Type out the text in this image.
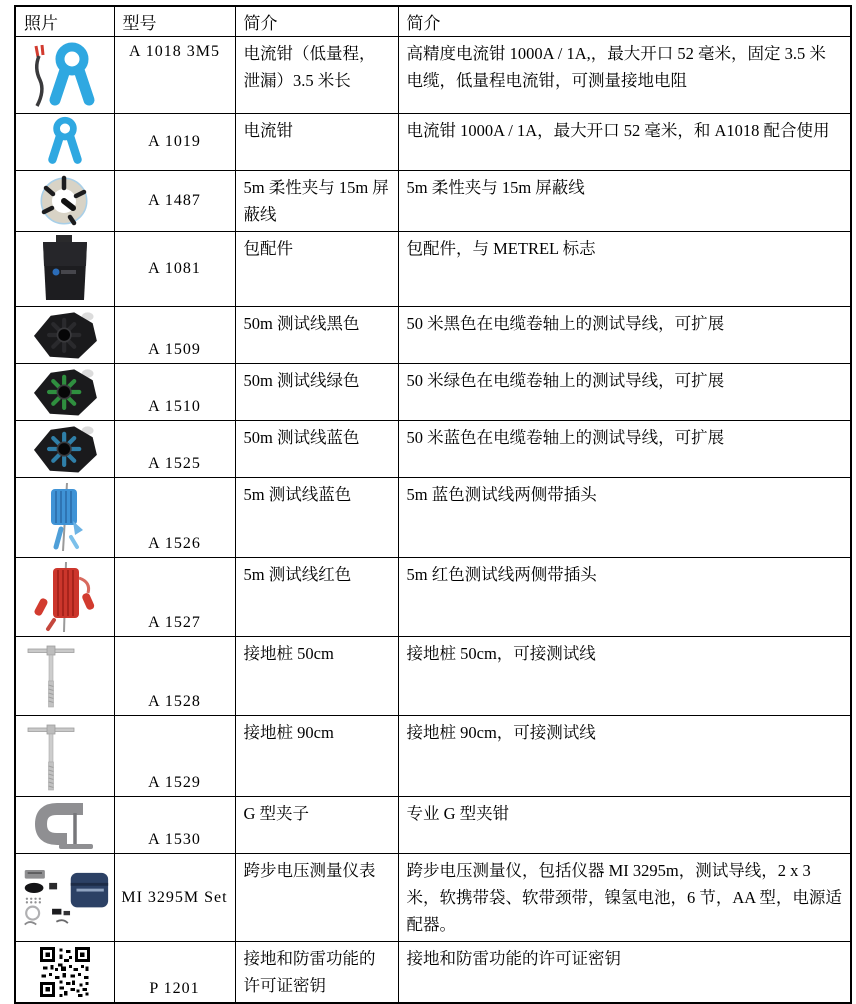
照片	型号	简介	简介

	A 1018 3M5	电流钳（低量程，泄漏）3.5 米长	高精度电流钳 1000A / 1A,，最大开口 52 毫米，固定 3.5 米电缆，低量程电流钳，可测量接地电阻

	A 1019	电流钳	电流钳 1000A / 1A，最大开口 52 毫米，和 A1018 配合使用

	A 1487	5m 柔性夹与 15m 屏蔽线	5m 柔性夹与 15m 屏蔽线

	A 1081	包配件	包配件，与 METREL 标志

	A 1509	50m 测试线黑色	50 米黑色在电缆卷轴上的测试导线，可扩展

	A 1510	50m 测试线绿色	50 米绿色在电缆卷轴上的测试导线，可扩展

	A 1525	50m 测试线蓝色	50 米蓝色在电缆卷轴上的测试导线，可扩展

	A 1526	5m 测试线蓝色	5m 蓝色测试线两侧带插头

	A 1527	5m 测试线红色	5m 红色测试线两侧带插头

	A 1528	接地桩 50cm	接地桩 50cm，可接测试线

	A 1529	接地桩 90cm	接地桩 90cm，可接测试线

	A 1530	G 型夹子	专业 G 型夹钳

	MI 3295M Set	跨步电压测量仪表	跨步电压测量仪，包括仪器 MI 3295m，测试导线，2 x 3 米，软携带袋、软带颈带，镍氢电池，6 节，AA 型，电源适配器。

	P 1201	接地和防雷功能的许可证密钥	接地和防雷功能的许可证密钥
